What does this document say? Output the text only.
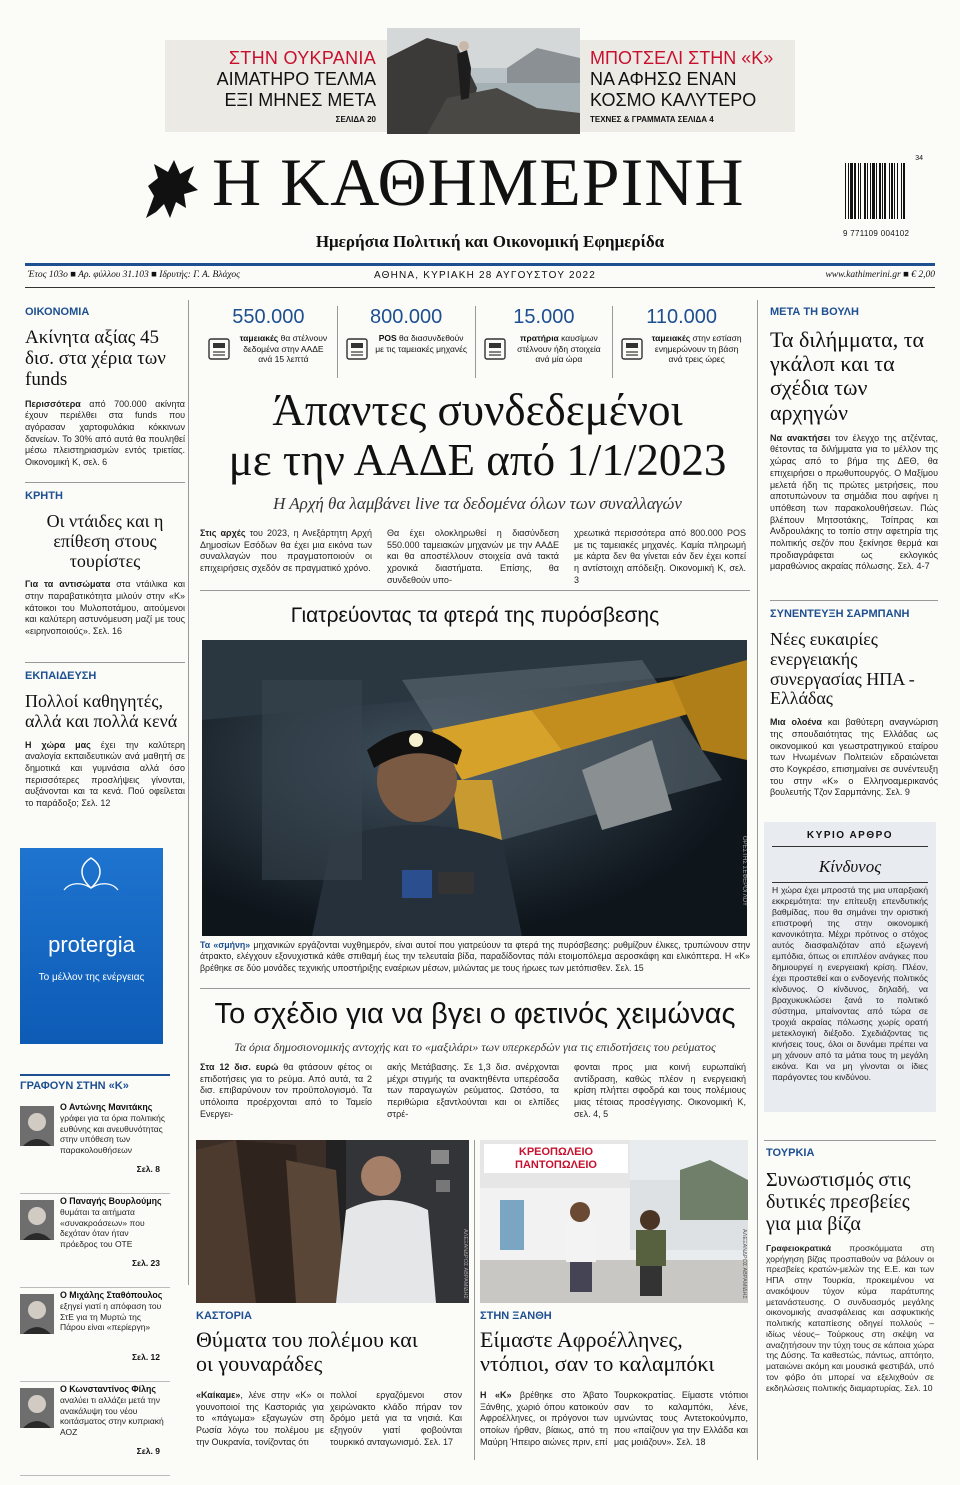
ΣΤΗΝ ΟΥΚΡΑΝΙΑ
ΑΙΜΑΤΗΡΟ ΤΕΛΜΑ
ΕΞΙ ΜΗΝΕΣ ΜΕΤΑ
ΣΕΛΙΔΑ 20
ΜΠΟΤΣΕΛΙ ΣΤΗΝ «Κ»
ΝΑ ΑΦΗΣΩ ΕΝΑΝ
ΚΟΣΜΟ ΚΑΛΥΤΕΡΟ
ΤΕΧΝΕΣ & ΓΡΑΜΜΑΤΑ ΣΕΛΙΔΑ 4
Η ΚΑΘΗΜΕΡΙΝΗ
Ημερήσια Πολιτική και Οικονομική Εφημερίδα
34
9 771109 004102
Έτος 103ο ■ Αρ. φύλλου 31.103 ■ Ιδρυτής: Γ. Α. Βλάχος	ΑΘΗΝΑ, ΚΥΡΙΑΚΗ 28 ΑΥΓΟΥΣΤΟΥ 2022	www.kathimerini.gr ■ € 2,00
ΟΙΚΟΝΟΜΙΑ
Ακίνητα αξίας 45 δισ. στα χέρια των funds
Περισσότερα από 700.000 ακίνητα έχουν περιέλθει στα funds που αγόρασαν χαρτοφυλάκια κόκκινων δανείων. Το 30% από αυτά θα πουληθεί μέσω πλειστηριασμών εντός τριετίας. Οικονομική Κ, σελ. 6
ΚΡΗΤΗ
Οι ντάιδες και η επίθεση στους τουρίστες
Για τα αντισώματα στα ντάιλικα και στην παραβατικότητα μιλούν στην «Κ» κάτοικοι του Μυλοποτάμου, αιτούμενοι και καλύτερη αστυνόμευση μαζί με τους «ειρηνοποιούς». Σελ. 16
ΕΚΠΑΙΔΕΥΣΗ
Πολλοί καθηγητές, αλλά και πολλά κενά
Η χώρα μας έχει την καλύτερη αναλογία εκπαιδευτικών ανά μαθητή σε δημοτικά και γυμνάσια αλλά όσο περισσότερες προσλήψεις γίνονται, αυξάνονται και τα κενά. Πού οφείλεται το παράδοξο; Σελ. 12
protergia
Το μέλλον της ενέργειας
ΓΡΑΦΟΥΝ ΣΤΗΝ «Κ»
Ο Αντώνης Μανιτάκης
γράφει για τα όρια πολιτικής ευθύνης και ανευθυνότητας στην υπόθεση των παρακολουθήσεων
Σελ. 8
Ο Παναγής Βουρλούμης
θυμάται τα αιτήματα «συνακροάσεων» που δεχόταν όταν ήταν πρόεδρος του ΟΤΕ
Σελ. 23
Ο Μιχάλης Σταθόπουλος
εξηγεί γιατί η απόφαση του ΣτΕ για τη Μυρτώ της Πάρου είναι «περίεργη»
Σελ. 12
Ο Κωνσταντίνος Φίλης
αναλύει τι αλλάζει μετά την ανακάλυψη του νέου κοιτάσματος στην κυπριακή ΑΟΖ
Σελ. 9
550.000
ταμειακές θα στέλνουν δεδομένα στην ΑΑΔΕ ανά 15 λεπτά
800.000
POS θα διασυνδεθούν με τις ταμειακές μηχανές
15.000
πρατήρια καυσίμων στέλνουν ήδη στοιχεία ανά μία ώρα
110.000
ταμειακές στην εστίαση ενημερώνουν τη βάση ανά τρεις ώρες
Άπαντες συνδεδεμένοι
με την ΑΑΔΕ από 1/1/2023
Η Αρχή θα λαμβάνει live τα δεδομένα όλων των συναλλαγών
Στις αρχές του 2023, η Ανεξάρτητη Αρχή Δημοσίων Εσόδων θα έχει μια εικόνα των συναλλαγών που πραγματοποιούν οι επιχειρήσεις σχεδόν σε πραγματικό χρόνο.
Θα έχει ολοκληρωθεί η διασύνδεση 550.000 ταμειακών μηχανών με την ΑΑΔΕ και θα αποστέλλουν στοιχεία ανά τακτά χρονικά διαστήματα. Επίσης, θα συνδεθούν υπο-
χρεωτικά περισσότερα από 800.000 POS με τις ταμειακές μηχανές. Καμία πληρωμή με κάρτα δεν θα γίνεται εάν δεν έχει κοπεί η αντίστοιχη απόδειξη. Οικονομική Κ, σελ. 3
Γιατρεύοντας τα φτερά της πυρόσβεσης
ΟΡΕΣΤΗΣ ΣΕΦΕΡΟΓΛΟΥ
Τα «σμήνη» μηχανικών εργάζονται νυχθημερόν, είναι αυτοί που γιατρεύουν τα φτερά της πυρόσβεσης: ρυθμίζουν έλικες, τρυπώνουν στην άτρακτο, ελέγχουν εξονυχιστικά κάθε σπιθαμή έως την τελευταία βίδα, παραδίδοντας πάλι ετοιμοπόλεμα αεροσκάφη και ελικόπτερα. Η «Κ» βρέθηκε σε δύο μονάδες τεχνικής υποστήριξης εναέριων μέσων, μιλώντας με τους ήρωες των μετόπισθεν. Σελ. 15
Το σχέδιο για να βγει ο φετινός χειμώνας
Τα όρια δημοσιονομικής αντοχής και το «μαξιλάρι» των υπερκερδών για τις επιδοτήσεις του ρεύματος
Στα 12 δισ. ευρώ θα φτάσουν φέτος οι επιδοτήσεις για το ρεύμα. Από αυτά, τα 2 δισ. επιβαρύνουν τον προϋπολογισμό. Τα υπόλοιπα προέρχονται από το Ταμείο Ενεργει-
ακής Μετάβασης. Σε 1,3 δισ. ανέρχονται μέχρι στιγμής τα ανακτηθέντα υπερέσοδα των παραγωγών ρεύματος. Ωστόσο, τα περιθώρια εξαντλούνται και οι ελπίδες στρέ-
φονται προς μια κοινή ευρωπαϊκή αντίδραση, καθώς πλέον η ενεργειακή κρίση πλήττει σφοδρά και τους πολέμιους μιας τέτοιας προσέγγισης. Οικονομική Κ, σελ. 4, 5
ΑΛΕΞΑΝΔΡΟΣ ΑΒΡΑΜΙΔΗΣ
ΚΑΣΤΟΡΙΑ
Θύματα του πολέμου και οι γουναράδες
«Καίκαμε», λένε στην «Κ» οι γουνοποιοί της Καστοριάς για το «πάγωμα» εξαγωγών στη Ρωσία λόγω του πολέμου με την Ουκρανία, τονίζοντας ότι
πολλοί εργαζόμενοι στον χειρώνακτο κλάδο πήραν τον δρόμο μετά για τα νησιά. Και εξηγούν γιατί φοβούνται τουρκικό ανταγωνισμό. Σελ. 17
ΚΡΕΟΠΩΛΕΙΟ
ΠΑΝΤΟΠΩΛΕΙΟ
ΑΛΕΞΑΝΔΡΟΣ ΑΒΡΑΜΙΔΗΣ
ΣΤΗΝ ΞΑΝΘΗ
Είμαστε Αφροέλληνες, ντόπιοι, σαν το καλαμπόκι
Η «Κ» βρέθηκε στο Άβατο Ξάνθης, χωριό όπου κατοικούν Αφροέλληνες, οι πρόγονοι των οποίων ήρθαν, βίαιως, από τη Μαύρη Ήπειρο αιώνες πριν, επί
Τουρκοκρατίας. Είμαστε ντόπιοι σαν το καλαμπόκι, λένε, υμνώντας τους Αντετοκούνμπο, που «παίζουν για την Ελλάδα και μας μοιάζουν». Σελ. 18
ΜΕΤΑ ΤΗ ΒΟΥΛΗ
Τα διλήμματα, τα γκάλοπ και τα σχέδια των αρχηγών
Να ανακτήσει τον έλεγχο της ατζέντας, θέτοντας τα διλήμματα για το μέλλον της χώρας από το βήμα της ΔΕΘ, θα επιχειρήσει ο πρωθυπουργός. Ο Μαξίμου μελετά ήδη τις πρώτες μετρήσεις, που αποτυπώνουν τα σημάδια που αφήνει η υπόθεση των παρακολουθήσεων. Πώς βλέπουν Μητσοτάκης, Τσίπρας και Ανδρουλάκης το τοπίο στην αφετηρία της πολιτικής σεζόν που ξεκίνησε θερμά και προδιαγράφεται ως εκλογικός μαραθώνιος ακραίας πόλωσης. Σελ. 4-7
ΣΥΝΕΝΤΕΥΞΗ ΣΑΡΜΠΑΝΗ
Νέες ευκαιρίες ενεργειακής συνεργασίας ΗΠΑ - Ελλάδας
Μια ολοένα και βαθύτερη αναγνώριση της σπουδαιότητας της Ελλάδας ως οικονομικού και γεωστρατηγικού εταίρου των Ηνωμένων Πολιτειών εδραιώνεται στο Κογκρέσο, επισημαίνει σε συνέντευξη του στην «Κ» ο Ελληνοαμερικανός βουλευτής Τζον Σαρμπάνης. Σελ. 9
ΚΥΡΙΟ ΑΡΘΡΟ
Κίνδυνος
Η χώρα έχει μπροστά της μια υπαρξιακή εκκρεμότητα: την επίτευξη επενδυτικής βαθμίδας, που θα σημάνει την οριστική επιστροφή της στην οικονομική κανονικότητα. Μέχρι πρότινος ο στόχος αυτός διασφαλιζόταν από εξωγενή εμπόδια, όπως οι επιπλέον ανάγκες που δημιουργεί η ενεργειακή κρίση. Πλέον, έχει προστεθεί και ο ενδογενής πολιτικός κίνδυνος. Ο κίνδυνος, δηλαδή, να βραχυκυκλώσει ξανά το πολιτικό σύστημα, μπαίνοντας από τώρα σε τροχιά ακραίας πόλωσης χωρίς ορατή μετεκλογική διέξοδο. Σχεδιάζοντας τις κινήσεις τους, όλοι οι δυνάμει πρέπει να μη χάνουν από τα μάτια τους τη μεγάλη εικόνα. Και να μη γίνονται οι ίδιες παράγοντες του κινδύνου.
ΤΟΥΡΚΙΑ
Συνωστισμός στις δυτικές πρεσβείες για μια βίζα
Γραφειοκρατικά προσκόμματα στη χορήγηση βίζας προσπαθούν να βάλουν οι πρεσβείες κρατών-μελών της Ε.Ε. και των ΗΠΑ στην Τουρκία, προκειμένου να ανακόψουν τύχον κύμα παράτυπης μετανάστευσης. Ο συνδυασμός μεγάλης οικονομικής ανασφάλειας και ασφυκτικής πολιτικής καταπίεσης οδηγεί πολλούς –ιδίως νέους– Τούρκους στη σκέψη να αναζητήσουν την τύχη τους σε κάποια χώρα της Δύσης. Τα καθεστώς, πάντως, απτόητο, ματαιώνει ακόμη και μουσικά φεστιβάλ, υπό τον φόβο ότι μπορεί να εξελιχθούν σε εκδηλώσεις πολιτικής διαμαρτυρίας. Σελ. 10
